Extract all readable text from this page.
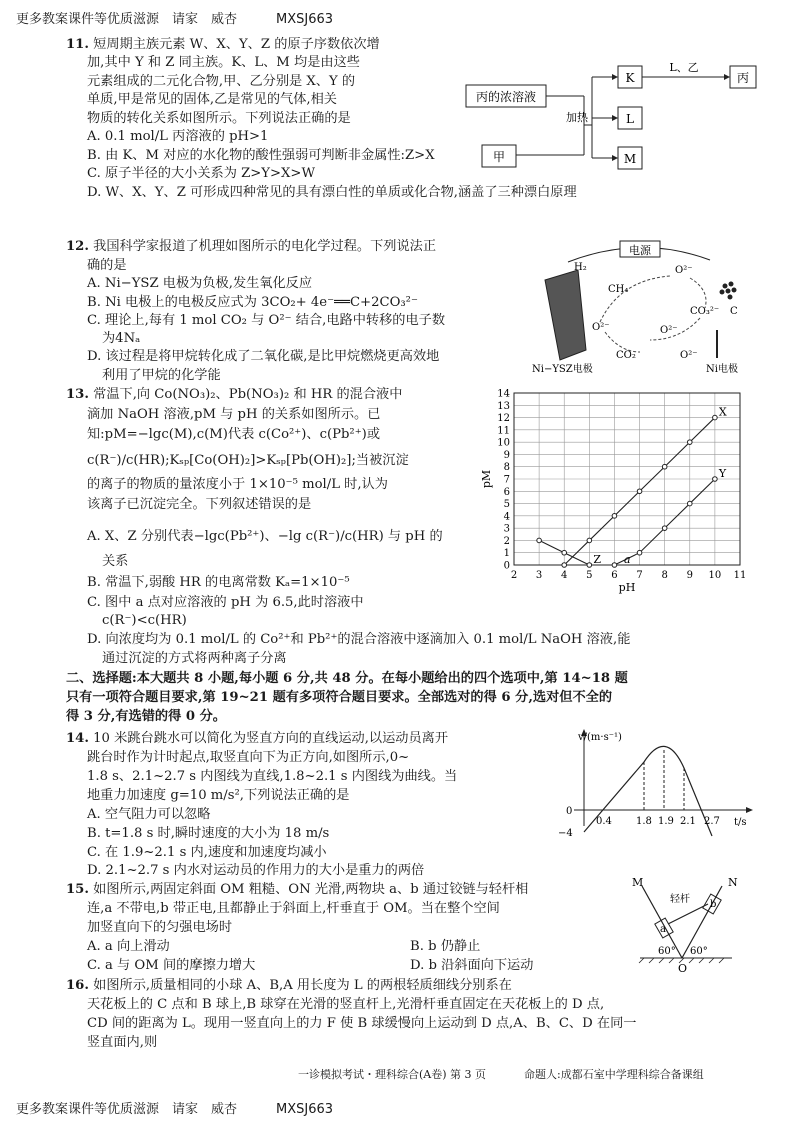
更多教案课件等优质滋源　请家　威杏　　　MXSJ663
11. 短周期主族元素 W、X、Y、Z 的原子序数依次增
加,其中 Y 和 Z 同主族。K、L、M 均是由这些
元素组成的二元化合物,甲、乙分别是 X、Y 的
单质,甲是常见的固体,乙是常见的气体,相关
物质的转化关系如图所示。下列说法正确的是
A. 0.1 mol/L 丙溶液的 pH>1
B. 由 K、M 对应的水化物的酸性强弱可判断非金属性:Z>X
C. 原子半径的大小关系为 Z>Y>X>W
D. W、X、Y、Z 可形成四种常见的具有漂白性的单质或化合物,涵盖了三种漂白原理
丙的浓溶液
甲
加热
K
L
M
L、乙
丙
12. 我国科学家报道了机理如图所示的电化学过程。下列说法正
确的是
A. Ni−YSZ 电极为负极,发生氧化反应
B. Ni 电极上的电极反应式为 3CO₂+ 4e⁻══C+2CO₃²⁻
C. 理论上,每有 1 mol CO₂ 与 O²⁻ 结合,电路中转移的电子数
为4Nₐ
D. 该过程是将甲烷转化成了二氧化碳,是比甲烷燃烧更高效地
利用了甲烷的化学能
电源
H₂
CH₄
O²⁻
O²⁻	O²⁻
O²⁻
CO₃²⁻
CO₂
C
Ni−YSZ电极	Ni电极
13. 常温下,向 Co(NO₃)₂、Pb(NO₃)₂ 和 HR 的混合液中
滴加 NaOH 溶液,pM 与 pH 的关系如图所示。已
知:pM=−lgc(M),c(M)代表 c(Co²⁺)、c(Pb²⁺)或
c(R⁻)/c(HR);Kₛₚ[Co(OH)₂]>Kₛₚ[Pb(OH)₂];当被沉淀
的离子的物质的量浓度小于 1×10⁻⁵ mol/L 时,认为
该离子已沉淀完全。下列叙述错误的是
A. X、Z 分别代表−lgc(Pb²⁺)、−lg c(R⁻)/c(HR) 与 pH 的
关系
B. 常温下,弱酸 HR 的电离常数 Kₐ=1×10⁻⁵
C. 图中 a 点对应溶液的 pH 为 6.5,此时溶液中
c(R⁻)<c(HR)
D. 向浓度均为 0.1 mol/L 的 Co²⁺和 Pb²⁺的混合溶液中逐滴加入 0.1 mol/L NaOH 溶液,能
通过沉淀的方式将两种离子分离
2 3 4 5 6 7 8 9 10 11
0
1
2
3
4
5
6
7
8
9
10
11
12
13
14
pH
pM
X
Y
Z a
二、选择题:本大题共 8 小题,每小题 6 分,共 48 分。在每小题给出的四个选项中,第 14~18 题
只有一项符合题目要求,第 19~21 题有多项符合题目要求。全部选对的得 6 分,选对但不全的
得 3 分,有选错的得 0 分。
14. 10 米跳台跳水可以简化为竖直方向的直线运动,以运动员离开
跳台时作为计时起点,取竖直向下为正方向,如图所示,0~
1.8 s、2.1~2.7 s 内图线为直线,1.8~2.1 s 内图线为曲线。当
地重力加速度 g=10 m/s²,下列说法正确的是
A. 空气阻力可以忽略
B. t=1.8 s 时,瞬时速度的大小为 18 m/s
C. 在 1.9~2.1 s 内,速度和加速度均减小
D. 2.1~2.7 s 内水对运动员的作用力的大小是重力的两倍
v/(m·s⁻¹)
t/s
0
−4
0.4 1.8 1.9 2.1 2.7
15. 如图所示,两固定斜面 OM 粗糙、ON 光滑,两物块 a、b 通过铰链与轻杆相
连,a 不带电,b 带正电,且都静止于斜面上,杆垂直于 OM。当在整个空间
加竖直向下的匀强电场时
A. a 向上滑动	B. b 仍静止
C. a 与 OM 间的摩擦力增大	D. b 沿斜面向下运动
M	N
O
轻杆
a
b
60° 60°
16. 如图所示,质量相同的小球 A、B,A 用长度为 L 的两根轻质细线分别系在
天花板上的 C 点和 B 球上,B 球穿在光滑的竖直杆上,光滑杆垂直固定在天花板上的 D 点,
CD 间的距离为 L。现用一竖直向上的力 F 使 B 球缓慢向上运动到 D 点,A、B、C、D 在同一
竖直面内,则
一诊模拟考试・理科综合(A卷) 第 3 页	命题人:成都石室中学理科综合备课组
更多教案课件等优质滋源　请家　威杏　　　MXSJ663
